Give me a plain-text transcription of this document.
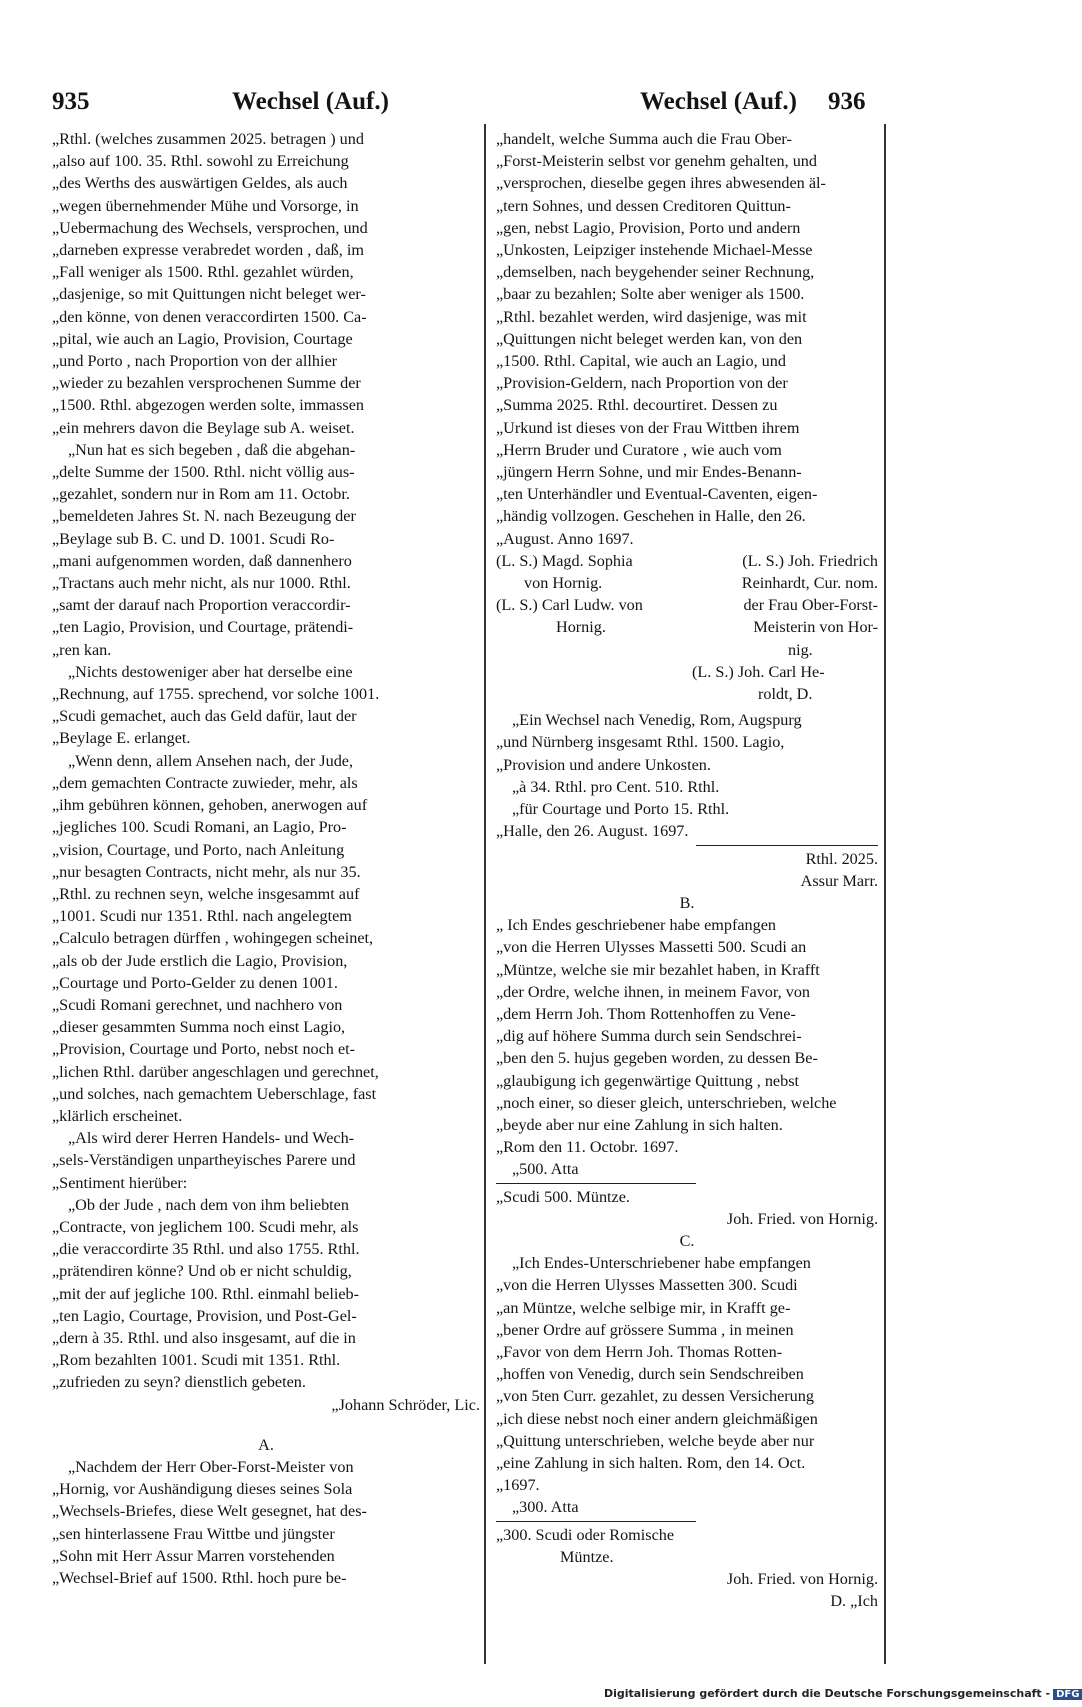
935	Wechsel (Auf.)	Wechsel (Auf.) 936

„Rthl. (welches zusammen 2025. betragen ) und

„also auf 100. 35. Rthl. sowohl zu Erreichung

„des Werths des auswärtigen Geldes, als auch

„wegen übernehmender Mühe und Vorsorge, in

„Uebermachung des Wechsels, versprochen, und

„darneben expresse verabredet worden , daß, im

„Fall weniger als 1500. Rthl. gezahlet würden,

„dasjenige, so mit Quittungen nicht beleget wer-

„den könne, von denen veraccordirten 1500. Ca-

„pital, wie auch an Lagio, Provision, Courtage

„und Porto , nach Proportion von der allhier

„wieder zu bezahlen versprochenen Summe der

„1500. Rthl. abgezogen werden solte, immassen

„ein mehrers davon die Beylage sub A. weiset.

„Nun hat es sich begeben , daß die abgehan-

„delte Summe der 1500. Rthl. nicht völlig aus-

„gezahlet, sondern nur in Rom am 11. Octobr.

„bemeldeten Jahres St. N. nach Bezeugung der

„Beylage sub B. C. und D. 1001. Scudi Ro-

„mani aufgenommen worden, daß dannenhero

„Tractans auch mehr nicht, als nur 1000. Rthl.

„samt der darauf nach Proportion veraccordir-

„ten Lagio, Provision, und Courtage, prätendi-

„ren kan.

„Nichts destoweniger aber hat derselbe eine

„Rechnung, auf 1755. sprechend, vor solche 1001.

„Scudi gemachet, auch das Geld dafür, laut der

„Beylage E. erlanget.

„Wenn denn, allem Ansehen nach, der Jude,

„dem gemachten Contracte zuwieder, mehr, als

„ihm gebühren können, gehoben, anerwogen auf

„jegliches 100. Scudi Romani, an Lagio, Pro-

„vision, Courtage, und Porto, nach Anleitung

„nur besagten Contracts, nicht mehr, als nur 35.

„Rthl. zu rechnen seyn, welche insgesammt auf

„1001. Scudi nur 1351. Rthl. nach angelegtem

„Calculo betragen dürffen , wohingegen scheinet,

„als ob der Jude erstlich die Lagio, Provision,

„Courtage und Porto-Gelder zu denen 1001.

„Scudi Romani gerechnet, und nachhero von

„dieser gesammten Summa noch einst Lagio,

„Provision, Courtage und Porto, nebst noch et-

„lichen Rthl. darüber angeschlagen und gerechnet,

„und solches, nach gemachtem Ueberschlage, fast

„klärlich erscheinet.

„Als wird derer Herren Handels- und Wech-

„sels-Verständigen unpartheyisches Parere und

„Sentiment hierüber:

„Ob der Jude , nach dem von ihm beliebten

„Contracte, von jeglichem 100. Scudi mehr, als

„die veraccordirte 35 Rthl. und also 1755. Rthl.

„prätendiren könne? Und ob er nicht schuldig,

„mit der auf jegliche 100. Rthl. einmahl belieb-

„ten Lagio, Courtage, Provision, und Post-Gel-

„dern à 35. Rthl. und also insgesamt, auf die in

„Rom bezahlten 1001. Scudi mit 1351. Rthl.

„zufrieden zu seyn? dienstlich gebeten.

„Johann Schröder, Lic.

A.

„Nachdem der Herr Ober-Forst-Meister von

„Hornig, vor Aushändigung dieses seines Sola

„Wechsels-Briefes, diese Welt gesegnet, hat des-

„sen hinterlassene Frau Wittbe und jüngster

„Sohn mit Herr Assur Marren vorstehenden

„Wechsel-Brief auf 1500. Rthl. hoch pure be-

„handelt, welche Summa auch die Frau Ober-

„Forst-Meisterin selbst vor genehm gehalten, und

„versprochen, dieselbe gegen ihres abwesenden äl-

„tern Sohnes, und dessen Creditoren Quittun-

„gen, nebst Lagio, Provision, Porto und andern

„Unkosten, Leipziger instehende Michael-Messe

„demselben, nach beygehender seiner Rechnung,

„baar zu bezahlen; Solte aber weniger als 1500.

„Rthl. bezahlet werden, wird dasjenige, was mit

„Quittungen nicht beleget werden kan, von den

„1500. Rthl. Capital, wie auch an Lagio, und

„Provision-Geldern, nach Proportion von der

„Summa 2025. Rthl. decourtiret. Dessen zu

„Urkund ist dieses von der Frau Wittben ihrem

„Herrn Bruder und Curatore , wie auch vom

„jüngern Herrn Sohne, und mir Endes-Benann-

„ten Unterhändler und Eventual-Caventen, eigen-

„händig vollzogen. Geschehen in Halle, den 26.

„August. Anno 1697.

(L. S.) Magd. Sophia	(L. S.) Joh. Friedrich
von Hornig.	Reinhardt, Cur. nom.
(L. S.) Carl Ludw. von	der Frau Ober-Forst-
Hornig.	Meisterin von Hor-

nig.

(L. S.) Joh. Carl He-

roldt, D.

„Ein Wechsel nach Venedig, Rom, Augspurg

„und Nürnberg insgesamt Rthl. 1500. Lagio,

„Provision und andere Unkosten.

„à 34. Rthl. pro Cent. 510. Rthl.

„für Courtage und Porto 15. Rthl.

„Halle, den 26. August. 1697.

Rthl. 2025.

Assur Marr.

B.

„ Ich Endes geschriebener habe empfangen

„von die Herren Ulysses Massetti 500. Scudi an

„Müntze, welche sie mir bezahlet haben, in Krafft

„der Ordre, welche ihnen, in meinem Favor, von

„dem Herrn Joh. Thom Rottenhoffen zu Vene-

„dig auf höhere Summa durch sein Sendschrei-

„ben den 5. hujus gegeben worden, zu dessen Be-

„glaubigung ich gegenwärtige Quittung , nebst

„noch einer, so dieser gleich, unterschrieben, welche

„beyde aber nur eine Zahlung in sich halten.

„Rom den 11. Octobr. 1697.

„500. Atta

„Scudi 500. Müntze.

Joh. Fried. von Hornig.

C.

„Ich Endes-Unterschriebener habe empfangen

„von die Herren Ulysses Massetten 300. Scudi

„an Müntze, welche selbige mir, in Krafft ge-

„bener Ordre auf grössere Summa , in meinen

„Favor von dem Herrn Joh. Thomas Rotten-

„hoffen von Venedig, durch sein Sendschreiben

„von 5ten Curr. gezahlet, zu dessen Versicherung

„ich diese nebst noch einer andern gleichmäßigen

„Quittung unterschrieben, welche beyde aber nur

„eine Zahlung in sich halten. Rom, den 14. Oct.

„1697.

„300. Atta

„300. Scudi oder Romische

Müntze.

Joh. Fried. von Hornig.

D. „Ich

Digitalisierung gefördert durch die Deutsche Forschungsgemeinschaft - DFG
